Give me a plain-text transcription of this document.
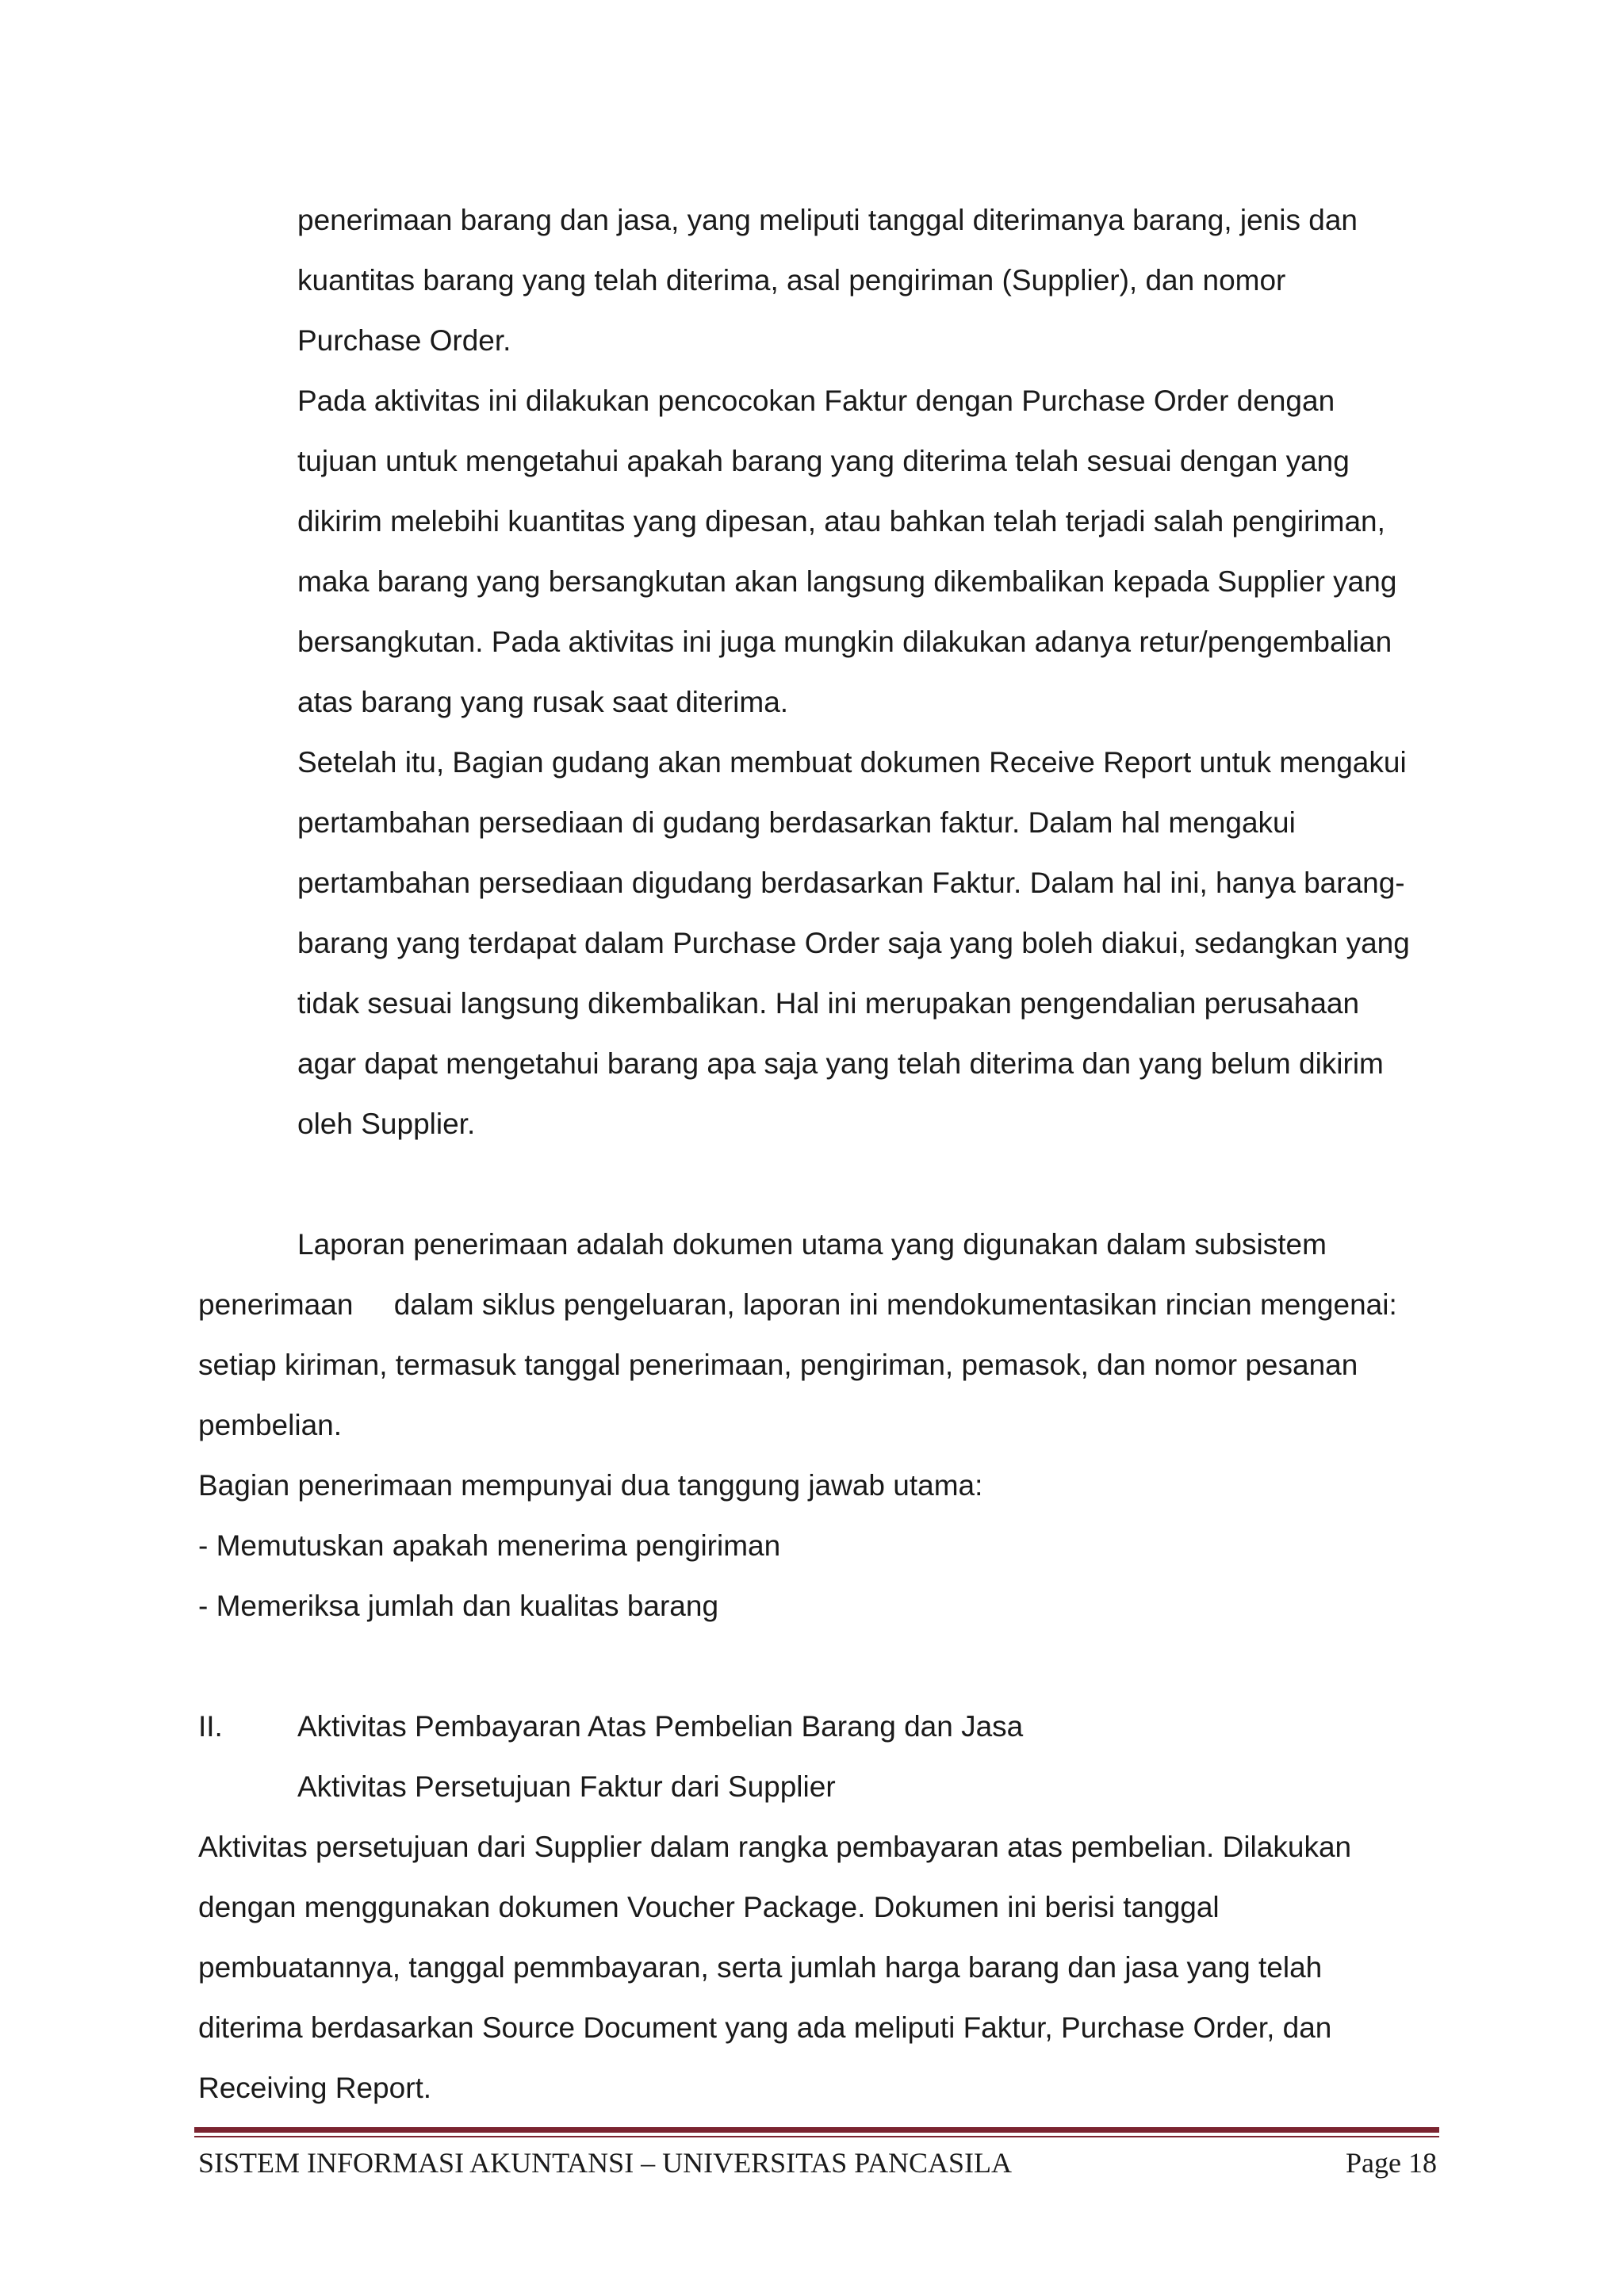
penerimaan barang dan jasa, yang meliputi tanggal diterimanya barang, jenis dan

kuantitas barang yang telah diterima, asal pengiriman (Supplier), dan nomor

Purchase Order.

Pada aktivitas ini dilakukan pencocokan Faktur dengan Purchase Order dengan

tujuan untuk mengetahui apakah barang yang diterima telah sesuai dengan yang

dikirim melebihi kuantitas yang dipesan, atau bahkan telah terjadi salah pengiriman,

maka barang yang bersangkutan akan langsung dikembalikan kepada Supplier yang

bersangkutan. Pada aktivitas ini juga mungkin dilakukan adanya retur/pengembalian

atas barang yang rusak saat diterima.

Setelah itu, Bagian gudang akan membuat dokumen Receive Report untuk mengakui

pertambahan persediaan di gudang berdasarkan faktur. Dalam hal mengakui

pertambahan persediaan digudang berdasarkan Faktur. Dalam hal ini, hanya barang-

barang yang terdapat dalam Purchase Order saja yang boleh diakui, sedangkan yang

tidak sesuai langsung dikembalikan. Hal ini merupakan pengendalian perusahaan

agar dapat mengetahui barang apa saja yang telah diterima dan yang belum dikirim

oleh Supplier.

Laporan penerimaan adalah dokumen utama yang digunakan dalam subsistem

penerimaan     dalam siklus pengeluaran, laporan ini mendokumentasikan rincian mengenai:

setiap kiriman, termasuk tanggal penerimaan, pengiriman, pemasok, dan nomor pesanan

pembelian.

Bagian penerimaan mempunyai dua tanggung jawab utama:

- Memutuskan apakah menerima pengiriman

- Memeriksa jumlah dan kualitas barang

II.	Aktivitas Pembayaran Atas Pembelian Barang dan Jasa

Aktivitas Persetujuan Faktur dari Supplier

Aktivitas persetujuan dari Supplier dalam rangka pembayaran atas pembelian. Dilakukan

dengan menggunakan dokumen Voucher Package. Dokumen ini berisi tanggal

pembuatannya, tanggal pemmbayaran, serta jumlah harga barang dan jasa yang telah

diterima berdasarkan Source Document yang ada meliputi Faktur, Purchase Order, dan

Receiving Report.

SISTEM INFORMASI AKUNTANSI – UNIVERSITAS PANCASILA	Page 18
